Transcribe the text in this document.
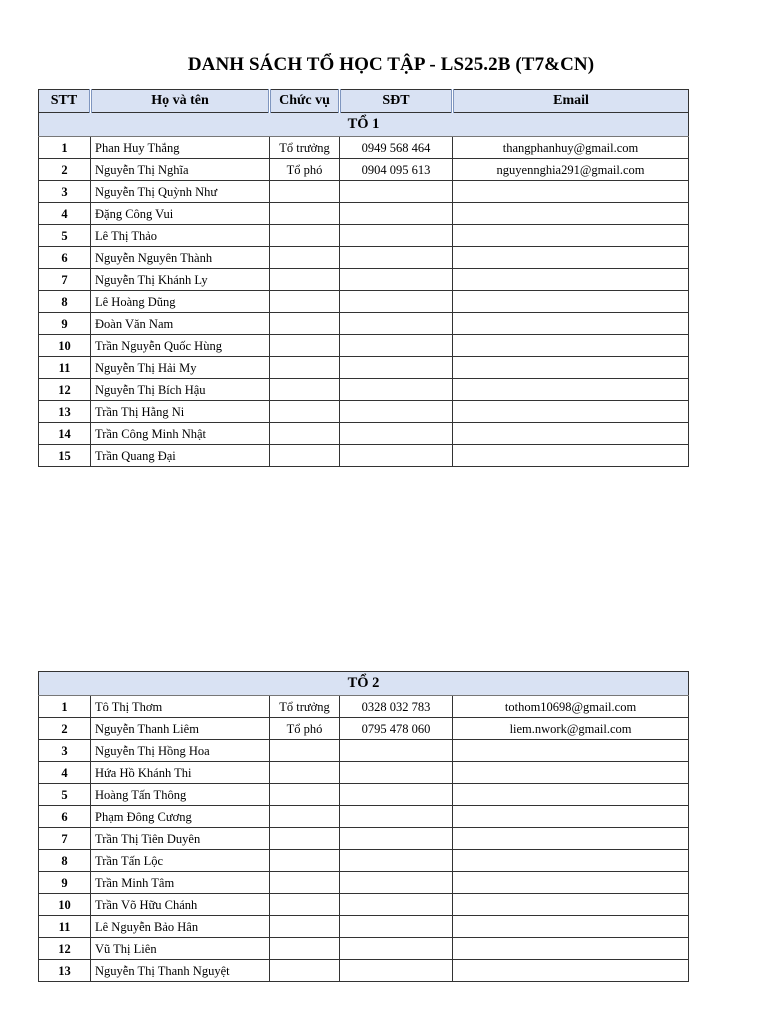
DANH SÁCH TỔ HỌC TẬP - LS25.2B (T7&CN)
STT	Họ và tên	Chức vụ	SĐT	Email
TỔ 1				
1	Phan Huy Thắng	Tổ trưởng	0949 568 464	thangphanhuy@gmail.com
2	Nguyễn Thị Nghĩa	Tổ phó	0904 095 613	nguyennghia291@gmail.com
3	Nguyễn Thị Quỳnh Như			
4	Đặng Công Vui			
5	Lê Thị Thảo			
6	Nguyễn Nguyên Thành			
7	Nguyễn Thị Khánh Ly			
8	Lê Hoàng Dũng			
9	Đoàn Văn Nam			
10	Trần Nguyễn Quốc Hùng			
11	Nguyễn Thị Hải My			
12	Nguyễn Thị Bích Hậu			
13	Trần Thị Hằng Ni			
14	Trần Công Minh Nhật			
15	Trần Quang Đại			
TỔ 2				
1	Tô Thị Thơm	Tổ trưởng	0328 032 783	tothom10698@gmail.com
2	Nguyễn Thanh Liêm	Tổ phó	0795 478 060	liem.nwork@gmail.com
3	Nguyễn Thị Hồng Hoa			
4	Hứa Hồ Khánh Thi			
5	Hoàng Tấn Thông			
6	Phạm Đông Cương			
7	Trần Thị Tiên Duyên			
8	Trần Tấn Lộc			
9	Trần Minh Tâm			
10	Trần Võ Hữu Chánh			
11	Lê Nguyễn Bảo Hân			
12	Vũ Thị Liên			
13	Nguyễn Thị Thanh Nguyệt			
